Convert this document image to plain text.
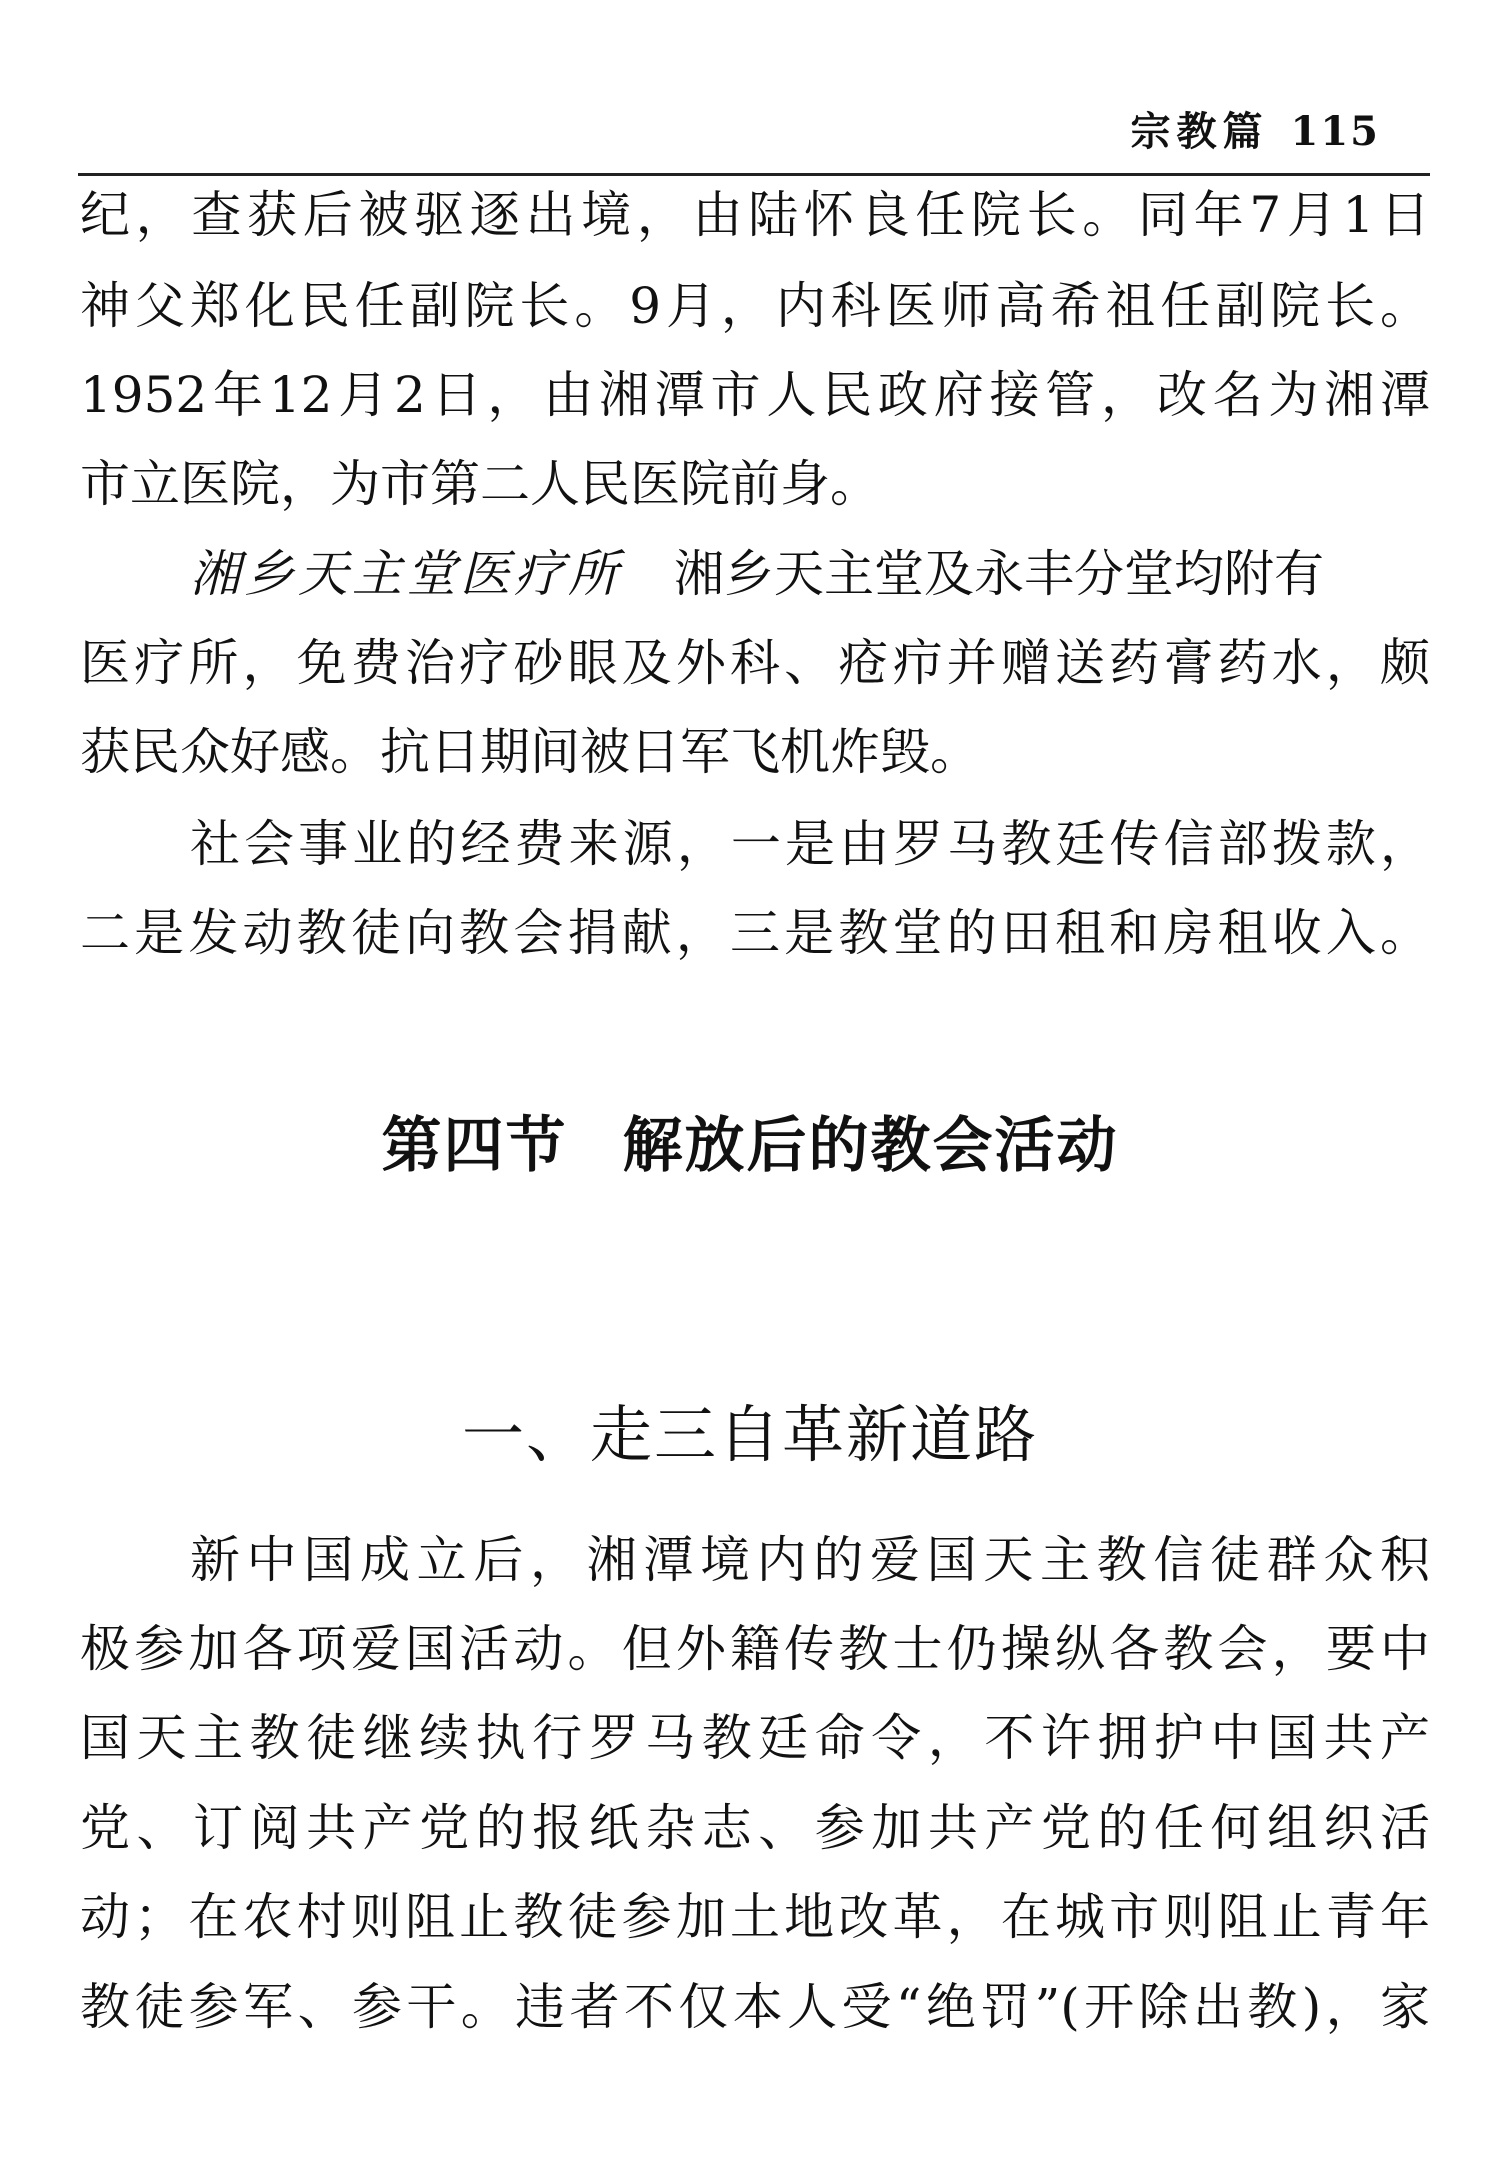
宗教篇 115
纪，查获后被驱逐出境，由陆怀良任院长。同年7月1日
神父郑化民任副院长。9月，内科医师高希祖任副院长。
1952年12月2日，由湘潭市人民政府接管，改名为湘潭
市立医院，为市第二人民医院前身。
湘乡天主堂医疗所 湘乡天主堂及永丰分堂均附有
医疗所，免费治疗砂眼及外科、疮疖并赠送药膏药水，颇
获民众好感。抗日期间被日军飞机炸毁。
社会事业的经费来源，一是由罗马教廷传信部拨款，
二是发动教徒向教会捐献，三是教堂的田租和房租收入。
第四节 解放后的教会活动
一、走三自革新道路
新中国成立后，湘潭境内的爱国天主教信徒群众积
极参加各项爱国活动。但外籍传教士仍操纵各教会，要中
国天主教徒继续执行罗马教廷命令，不许拥护中国共产
党、订阅共产党的报纸杂志、参加共产党的任何组织活
动；在农村则阻止教徒参加土地改革，在城市则阻止青年
教徒参军、参干。违者不仅本人受“绝罚”(开除出教)，家
